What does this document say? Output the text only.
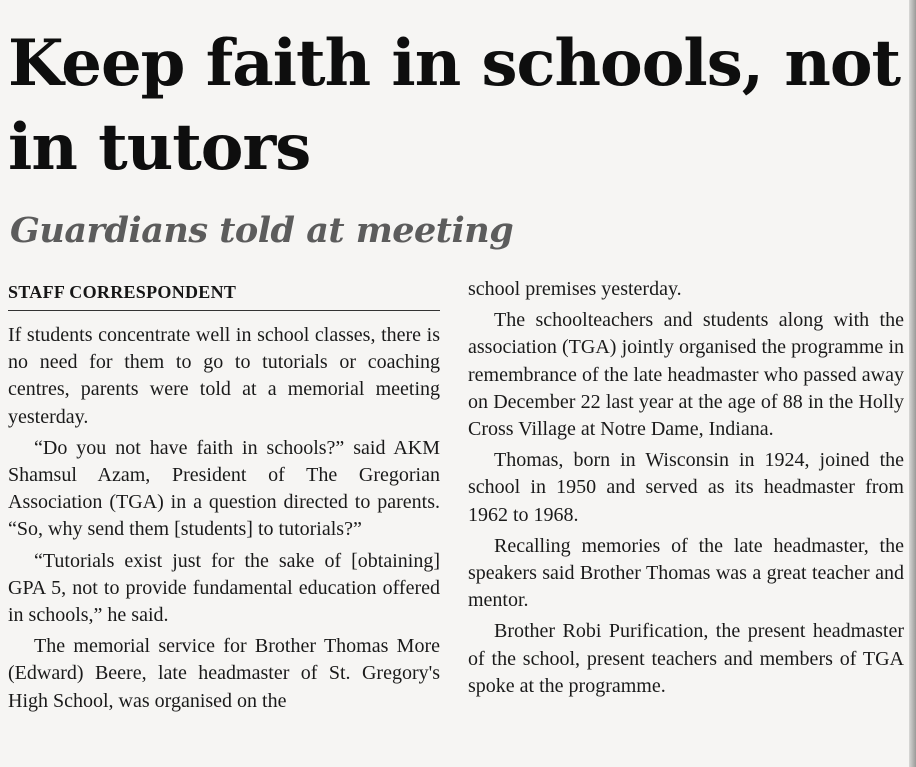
Keep faith in schools, not in tutors
Guardians told at meeting
STAFF CORRESPONDENT

If students concentrate well in school classes, there is no need for them to go to tutorials or coaching centres, parents were told at a memorial meeting yesterday.

“Do you not have faith in schools?” said AKM Shamsul Azam, President of The Gregorian Association (TGA) in a question directed to parents. “So, why send them [students] to tutorials?”

“Tutorials exist just for the sake of [obtaining] GPA 5, not to provide fundamental education offered in schools,” he said.

The memorial service for Brother Thomas More (Edward) Beere, late headmaster of St. Gregory's High School, was organised on the

school premises yesterday.

The schoolteachers and students along with the association (TGA) jointly organised the programme in remembrance of the late headmaster who passed away on December 22 last year at the age of 88 in the Holly Cross Village at Notre Dame, Indiana.

Thomas, born in Wisconsin in 1924, joined the school in 1950 and served as its headmaster from 1962 to 1968.

Recalling memories of the late headmaster, the speakers said Brother Thomas was a great teacher and mentor.

Brother Robi Purification, the present headmaster of the school, present teachers and members of TGA spoke at the programme.
